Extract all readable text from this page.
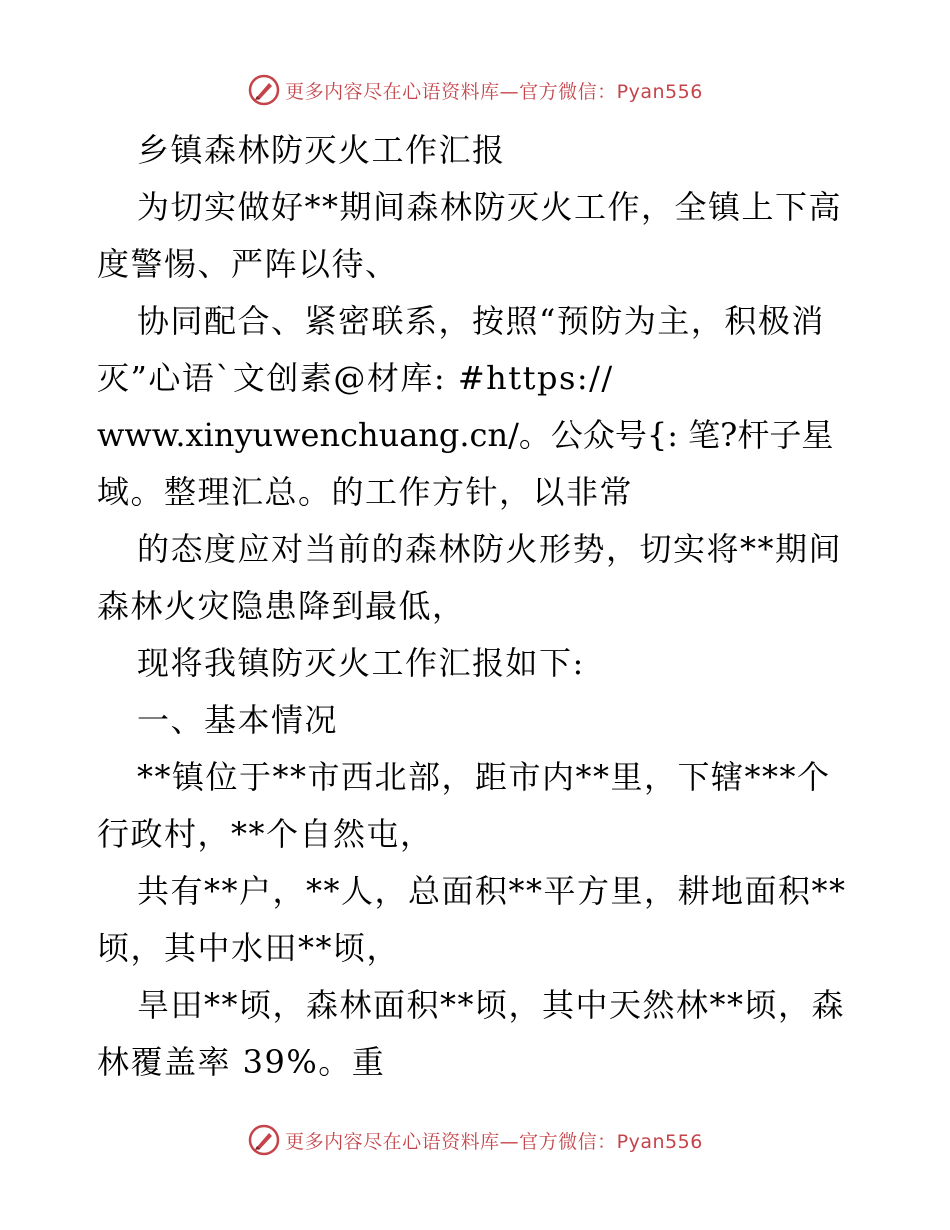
更多内容尽在心语资料库—官方微信：Pyan556
乡镇森林防灭火工作汇报
为切实做好**期间森林防灭火工作，全镇上下高
度警惕、严阵以待、
协同配合、紧密联系，按照“预防为主，积极消
灭”心语`文创素@材库: #https://
www.xinyuwenchuang.cn/。公众号{: 笔?杆子星
域。整理汇总。的工作方针，以非常
的态度应对当前的森林防火形势，切实将**期间
森林火灾隐患降到最低，
现将我镇防灭火工作汇报如下:
一、基本情况
**镇位于**市西北部，距市内**里，下辖***个
行政村，**个自然屯，
共有**户，**人，总面积**平方里，耕地面积**
顷，其中水田**顷，
旱田**顷，森林面积**顷，其中天然林**顷，森
林覆盖率 39%。重
更多内容尽在心语资料库—官方微信：Pyan556
